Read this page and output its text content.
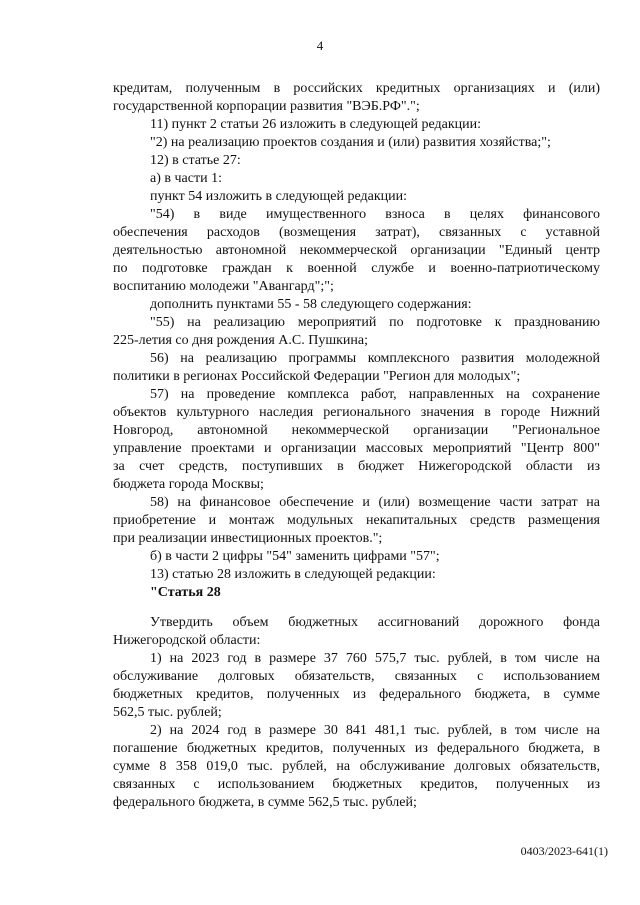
4
кредитам, полученным в российских кредитных организациях и (или)
государственной корпорации развития "ВЭБ.РФ".";
11) пункт 2 статьи 26 изложить в следующей редакции:
"2) на реализацию проектов создания и (или) развития хозяйства;";
12) в статье 27:
а) в части 1:
пункт 54 изложить в следующей редакции:
"54) в виде имущественного взноса в целях финансового
обеспечения расходов (возмещения затрат), связанных с уставной
деятельностью автономной некоммерческой организации "Единый центр
по подготовке граждан к военной службе и военно-патриотическому
воспитанию молодежи "Авангард";";
дополнить пунктами 55 - 58 следующего содержания:
"55) на реализацию мероприятий по подготовке к празднованию
225-летия со дня рождения А.С. Пушкина;
56) на реализацию программы комплексного развития молодежной
политики в регионах Российской Федерации "Регион для молодых";
57) на проведение комплекса работ, направленных на сохранение
объектов культурного наследия регионального значения в городе Нижний
Новгород, автономной некоммерческой организации "Региональное
управление проектами и организации массовых мероприятий "Центр 800"
за счет средств, поступивших в бюджет Нижегородской области из
бюджета города Москвы;
58) на финансовое обеспечение и (или) возмещение части затрат на
приобретение и монтаж модульных некапитальных средств размещения
при реализации инвестиционных проектов.";
б) в части 2 цифры "54" заменить цифрами "57";
13) статью 28 изложить в следующей редакции:
"Статья 28
Утвердить объем бюджетных ассигнований дорожного фонда
Нижегородской области:
1) на 2023 год в размере 37 760 575,7 тыс. рублей, в том числе на
обслуживание долговых обязательств, связанных с использованием
бюджетных кредитов, полученных из федерального бюджета, в сумме
562,5 тыс. рублей;
2) на 2024 год в размере 30 841 481,1 тыс. рублей, в том числе на
погашение бюджетных кредитов, полученных из федерального бюджета, в
сумме 8 358 019,0 тыс. рублей, на обслуживание долговых обязательств,
связанных с использованием бюджетных кредитов, полученных из
федерального бюджета, в сумме 562,5 тыс. рублей;
0403/2023-641(1)
